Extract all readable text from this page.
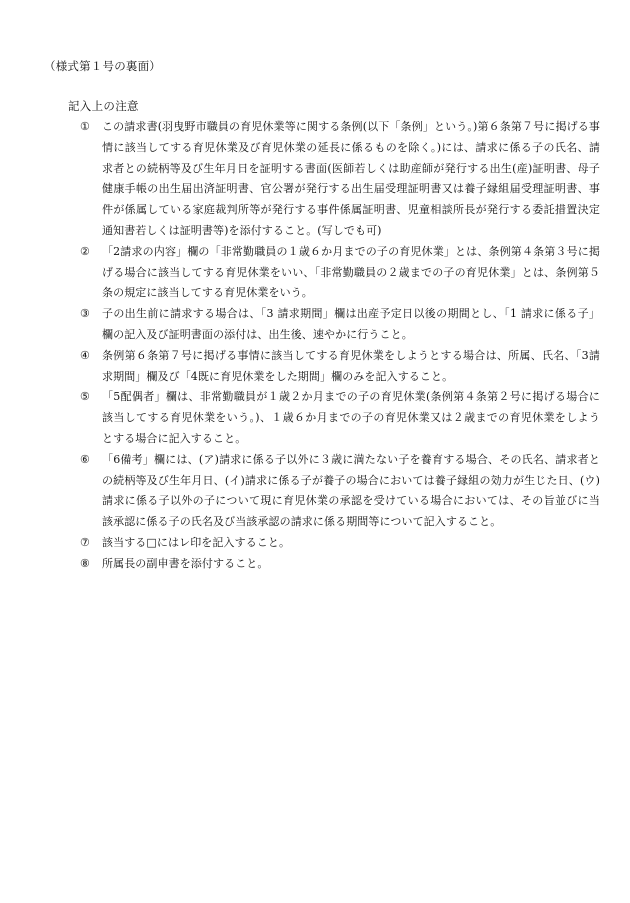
（様式第１号の裏面）
記入上の注意
①	この請求書(羽曳野市職員の育児休業等に関する条例(以下「条例」という。)第６条第７号に掲げる事情に該当してする育児休業及び育児休業の延長に係るものを除く。)には、請求に係る子の氏名、請求者との続柄等及び生年月日を証明する書面(医師若しくは助産師が発行する出生(産)証明書、母子健康手帳の出生届出済証明書、官公署が発行する出生届受理証明書又は養子縁組届受理証明書、事件が係属している家庭裁判所等が発行する事件係属証明書、児童相談所長が発行する委託措置決定通知書若しくは証明書等)を添付すること。(写しでも可)
②	「2請求の内容」欄の「非常勤職員の１歳６か月までの子の育児休業」とは、条例第４条第３号に掲げる場合に該当してする育児休業をいい、「非常勤職員の２歳までの子の育児休業」とは、条例第５条の規定に該当してする育児休業をいう。
③	子の出生前に請求する場合は、「3 請求期間」欄は出産予定日以後の期間とし、「1 請求に係る子」欄の記入及び証明書面の添付は、出生後、速やかに行うこと。
④	条例第６条第７号に掲げる事情に該当してする育児休業をしようとする場合は、所属、氏名、「3請求期間」欄及び「4既に育児休業をした期間」欄のみを記入すること。
⑤	「5配偶者」欄は、非常勤職員が１歳２か月までの子の育児休業(条例第４条第２号に掲げる場合に該当してする育児休業をいう。)、１歳６か月までの子の育児休業又は２歳までの育児休業をしようとする場合に記入すること。
⑥	「6備考」欄には、(ア)請求に係る子以外に３歳に満たない子を養育する場合、その氏名、請求者との続柄等及び生年月日、(イ)請求に係る子が養子の場合においては養子縁組の効力が生じた日、(ウ)請求に係る子以外の子について現に育児休業の承認を受けている場合においては、その旨並びに当該承認に係る子の氏名及び当該承認の請求に係る期間等について記入すること。
⑦	該当する□にはレ印を記入すること。
⑧	所属長の副申書を添付すること。
